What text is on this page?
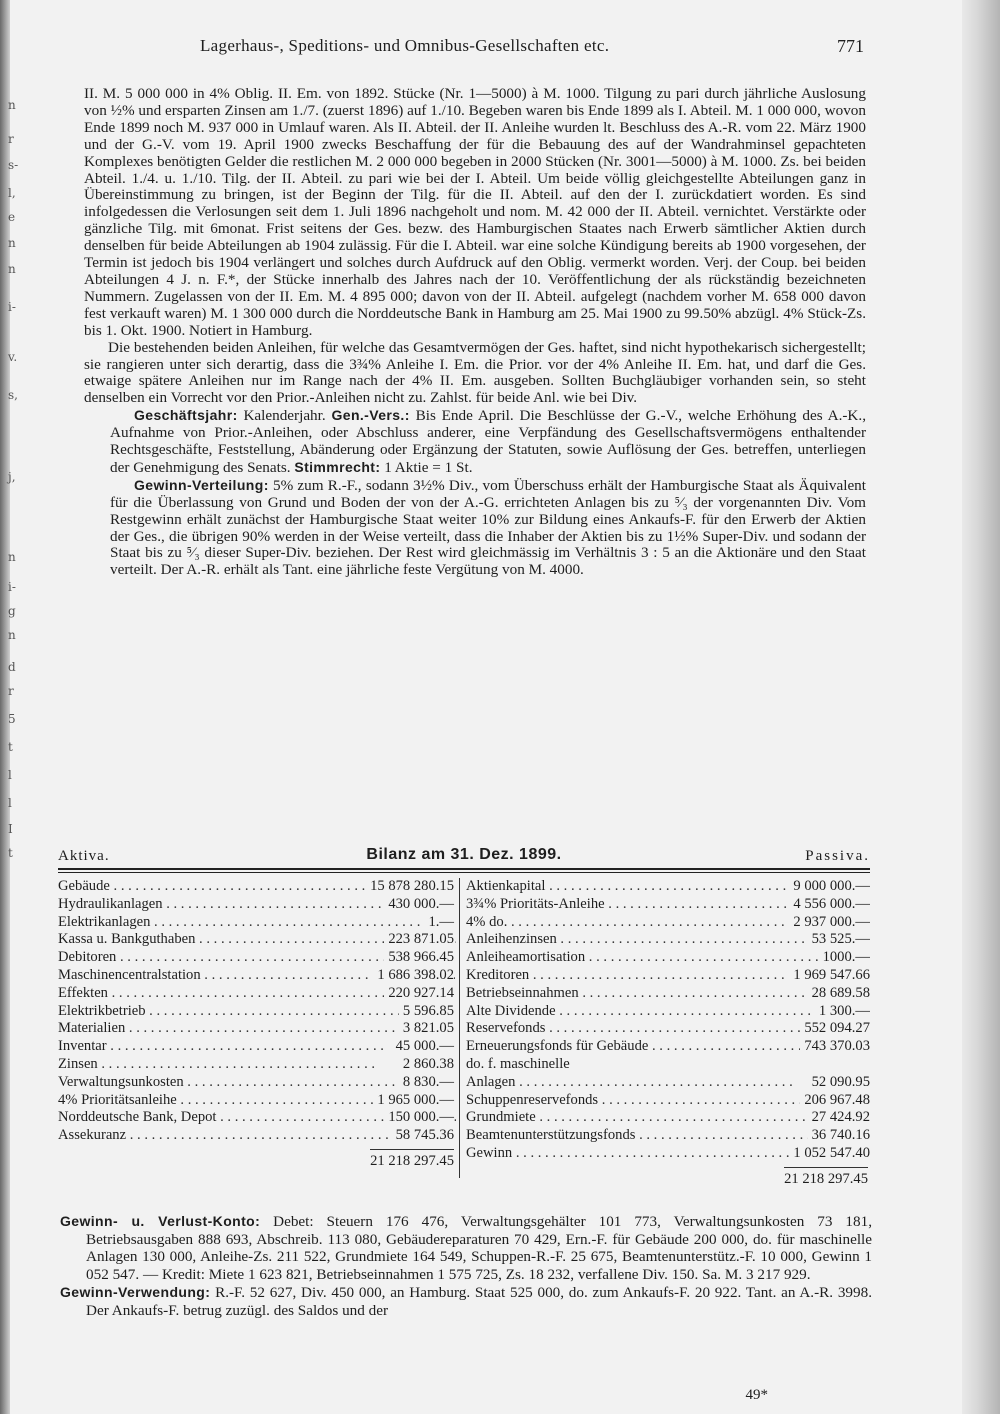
n
r
s-
l,
e
n
n
i-
v.
s,
j,
n
i-
g
n
d
r
5
t
l
l
I
t
Lagerhaus-, Speditions- und Omnibus-Gesellschaften etc.	771

II. M. 5 000 000 in 4% Oblig. II. Em. von 1892. Stücke (Nr. 1—5000) à M. 1000. Tilgung zu pari durch jährliche Auslosung von ½% und ersparten Zinsen am 1./7. (zuerst 1896) auf 1./10. Begeben waren bis Ende 1899 als I. Abteil. M. 1 000 000, wovon Ende 1899 noch M. 937 000 in Umlauf waren. Als II. Abteil. der II. Anleihe wurden lt. Beschluss des A.-R. vom 22. März 1900 und der G.-V. vom 19. April 1900 zwecks Beschaffung der für die Bebauung des auf der Wandrahminsel gepachteten Komplexes benötigten Gelder die restlichen M. 2 000 000 begeben in 2000 Stücken (Nr. 3001—5000) à M. 1000. Zs. bei beiden Abteil. 1./4. u. 1./10. Tilg. der II. Abteil. zu pari wie bei der I. Abteil. Um beide völlig gleichgestellte Abteilungen ganz in Übereinstimmung zu bringen, ist der Beginn der Tilg. für die II. Abteil. auf den der I. zurückdatiert worden. Es sind infolgedessen die Verlosungen seit dem 1. Juli 1896 nachgeholt und nom. M. 42 000 der II. Abteil. vernichtet. Verstärkte oder gänzliche Tilg. mit 6monat. Frist seitens der Ges. bezw. des Hamburgischen Staates nach Erwerb sämtlicher Aktien durch denselben für beide Abteilungen ab 1904 zulässig. Für die I. Abteil. war eine solche Kündigung bereits ab 1900 vorgesehen, der Termin ist jedoch bis 1904 verlängert und solches durch Aufdruck auf den Oblig. vermerkt worden. Verj. der Coup. bei beiden Abteilungen 4 J. n. F.*, der Stücke innerhalb des Jahres nach der 10. Veröffentlichung der als rückständig bezeichneten Nummern. Zugelassen von der II. Em. M. 4 895 000; davon von der II. Abteil. aufgelegt (nachdem vorher M. 658 000 davon fest verkauft waren) M. 1 300 000 durch die Norddeutsche Bank in Hamburg am 25. Mai 1900 zu 99.50% abzügl. 4% Stück-Zs. bis 1. Okt. 1900. Notiert in Hamburg.

Die bestehenden beiden Anleihen, für welche das Gesamtvermögen der Ges. haftet, sind nicht hypothekarisch sichergestellt; sie rangieren unter sich derartig, dass die 3¾% Anleihe I. Em. die Prior. vor der 4% Anleihe II. Em. hat, und darf die Ges. etwaige spätere Anleihen nur im Range nach der 4% II. Em. ausgeben. Sollten Buchgläubiger vorhanden sein, so steht denselben ein Vorrecht vor den Prior.-Anleihen nicht zu. Zahlst. für beide Anl. wie bei Div.

Geschäftsjahr: Kalenderjahr. Gen.-Vers.: Bis Ende April. Die Beschlüsse der G.-V., welche Erhöhung des A.-K., Aufnahme von Prior.-Anleihen, oder Abschluss anderer, eine Verpfändung des Gesellschaftsvermögens enthaltender Rechtsgeschäfte, Feststellung, Abänderung oder Ergänzung der Statuten, sowie Auflösung der Ges. betreffen, unterliegen der Genehmigung des Senats. Stimmrecht: 1 Aktie = 1 St.

Gewinn-Verteilung: 5% zum R.-F., sodann 3½% Div., vom Überschuss erhält der Hamburgische Staat als Äquivalent für die Überlassung von Grund und Boden der von der A.-G. errichteten Anlagen bis zu ⁵⁄₃ der vorgenannten Div. Vom Restgewinn erhält zunächst der Hamburgische Staat weiter 10% zur Bildung eines Ankaufs-F. für den Erwerb der Aktien der Ges., die übrigen 90% werden in der Weise verteilt, dass die Inhaber der Aktien bis zu 1½% Super-Div. und sodann der Staat bis zu ⁵⁄₃ dieser Super-Div. beziehen. Der Rest wird gleichmässig im Verhältnis 3 : 5 an die Aktionäre und den Staat verteilt. Der A.-R. erhält als Tant. eine jährliche feste Vergütung von M. 4000.

Aktiva.	Bilanz am 31. Dez. 1899.	Passiva.
Gebäude . . .	15 878 280.15
Hydraulikanlagen . . .	430 000.—
Elektrikanlagen . . .	1.—
Kassa u. Bankguthaben . . .	223 871.05
Debitoren . . .	538 966.45
Maschinencentralstation . . .	1 686 398.02
Effekten . . .	220 927.14
Elektrikbetrieb . . .	5 596.85
Materialien . . .	3 821.05
Inventar . . .	45 000.—
Zinsen . . .	2 860.38
Verwaltungsunkosten . . .	8 830.—
4% Prioritätsanleihe . . .	1 965 000.—
Norddeutsche Bank, Depot . . .	150 000.—
Assekuranz . . .	58 745.36
21 218 297.45
Aktienkapital . . .	9 000 000.—
3¾% Prioritäts-Anleihe . . .	4 556 000.—
4% do. . . .	2 937 000.—
Anleihenzinsen . . .	53 525.—
Anleiheamortisation . . .	1000.—
Kreditoren . . .	1 969 547.66
Betriebseinnahmen . . .	28 689.58
Alte Dividende . . .	1 300.—
Reservefonds . . .	552 094.27
Erneuerungsfonds für Gebäude . . .	743 370.03
do. f. maschinelle
Anlagen . . .	52 090.95
Schuppenreservefonds . . .	206 967.48
Grundmiete . . .	27 424.92
Beamtenunterstützungsfonds . . .	36 740.16
Gewinn . . .	1 052 547.40
21 218 297.45

Gewinn- u. Verlust-Konto: Debet: Steuern 176 476, Verwaltungsgehälter 101 773, Verwaltungsunkosten 73 181, Betriebsausgaben 888 693, Abschreib. 113 080, Gebäudereparaturen 70 429, Ern.-F. für Gebäude 200 000, do. für maschinelle Anlagen 130 000, Anleihe-Zs. 211 522, Grundmiete 164 549, Schuppen-R.-F. 25 675, Beamtenunterstütz.-F. 10 000, Gewinn 1 052 547. — Kredit: Miete 1 623 821, Betriebseinnahmen 1 575 725, Zs. 18 232, verfallene Div. 150. Sa. M. 3 217 929.

Gewinn-Verwendung: R.-F. 52 627, Div. 450 000, an Hamburg. Staat 525 000, do. zum Ankaufs-F. 20 922. Tant. an A.-R. 3998. Der Ankaufs-F. betrug zuzügl. des Saldos und der

49*
